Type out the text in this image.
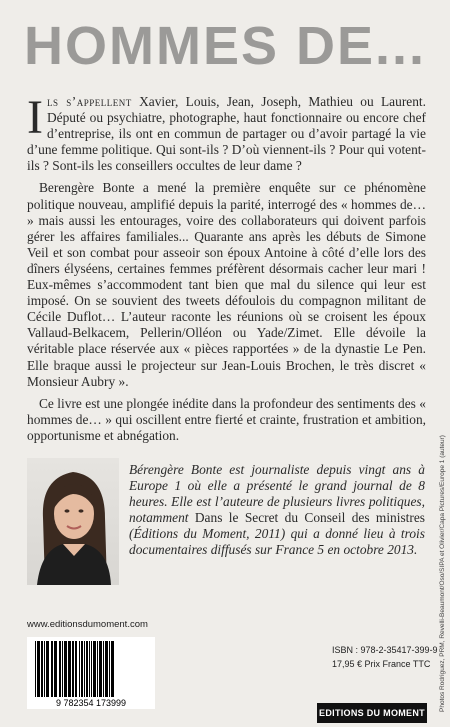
HOMMES DE...

Ils s’appellent Xavier, Louis, Jean, Joseph, Mathieu ou Laurent. Député ou psychiatre, photographe, haut fonctionnaire ou encore chef d’entreprise, ils ont en commun de partager ou d’avoir partagé la vie d’une femme politique. Qui sont-ils ? D’où viennent-ils ? Pour qui votent-ils ? Sont-ils les conseillers occultes de leur dame ?

Berengère Bonte a mené la première enquête sur ce phénomène politique nouveau, amplifié depuis la parité, interrogé des « hommes de… » mais aussi les entourages, voire des collaborateurs qui doivent parfois gérer les affaires familiales... Quarante ans après les débuts de Simone Veil et son combat pour asseoir son époux Antoine à côté d’elle lors des dîners élyséens, certaines femmes préfèrent désormais cacher leur mari ! Eux-mêmes s’accommodent tant bien que mal du silence qui leur est imposé. On se souvient des tweets défoulois du compagnon militant de Cécile Duflot… L’auteur raconte les réunions où se croisent les époux Vallaud-Belkacem, Pellerin/Olléon ou Yade/Zimet. Elle dévoile la véritable place réservée aux « pièces rapportées » de la dynastie Le Pen. Elle braque aussi le projecteur sur Jean-Louis Brochen, le très discret « Monsieur Aubry ».

Ce livre est une plongée inédite dans la profondeur des sentiments des « hommes de… » qui oscillent entre fierté et crainte, frustration et ambition, opportunisme et abnégation.

Bérengère Bonte est journaliste depuis vingt ans à Europe 1 où elle a présenté le grand journal de 8 heures. Elle est l’auteure de plusieurs livres politiques, notamment Dans le Secret du Conseil des ministres (Éditions du Moment, 2011) qui a donné lieu à trois documentaires diffusés sur France 5 en octobre 2013.
www.editionsdumoment.com
9 782354 173999
ISBN : 978-2-35417-399-9
17,95 € Prix France TTC
EDITIONS DU MOMENT
Photos Rodriguez, PRM, Revelli-Beaumont/Oso/SIPA et Olivier/Capa Pictures/Europe 1 (auteur)
